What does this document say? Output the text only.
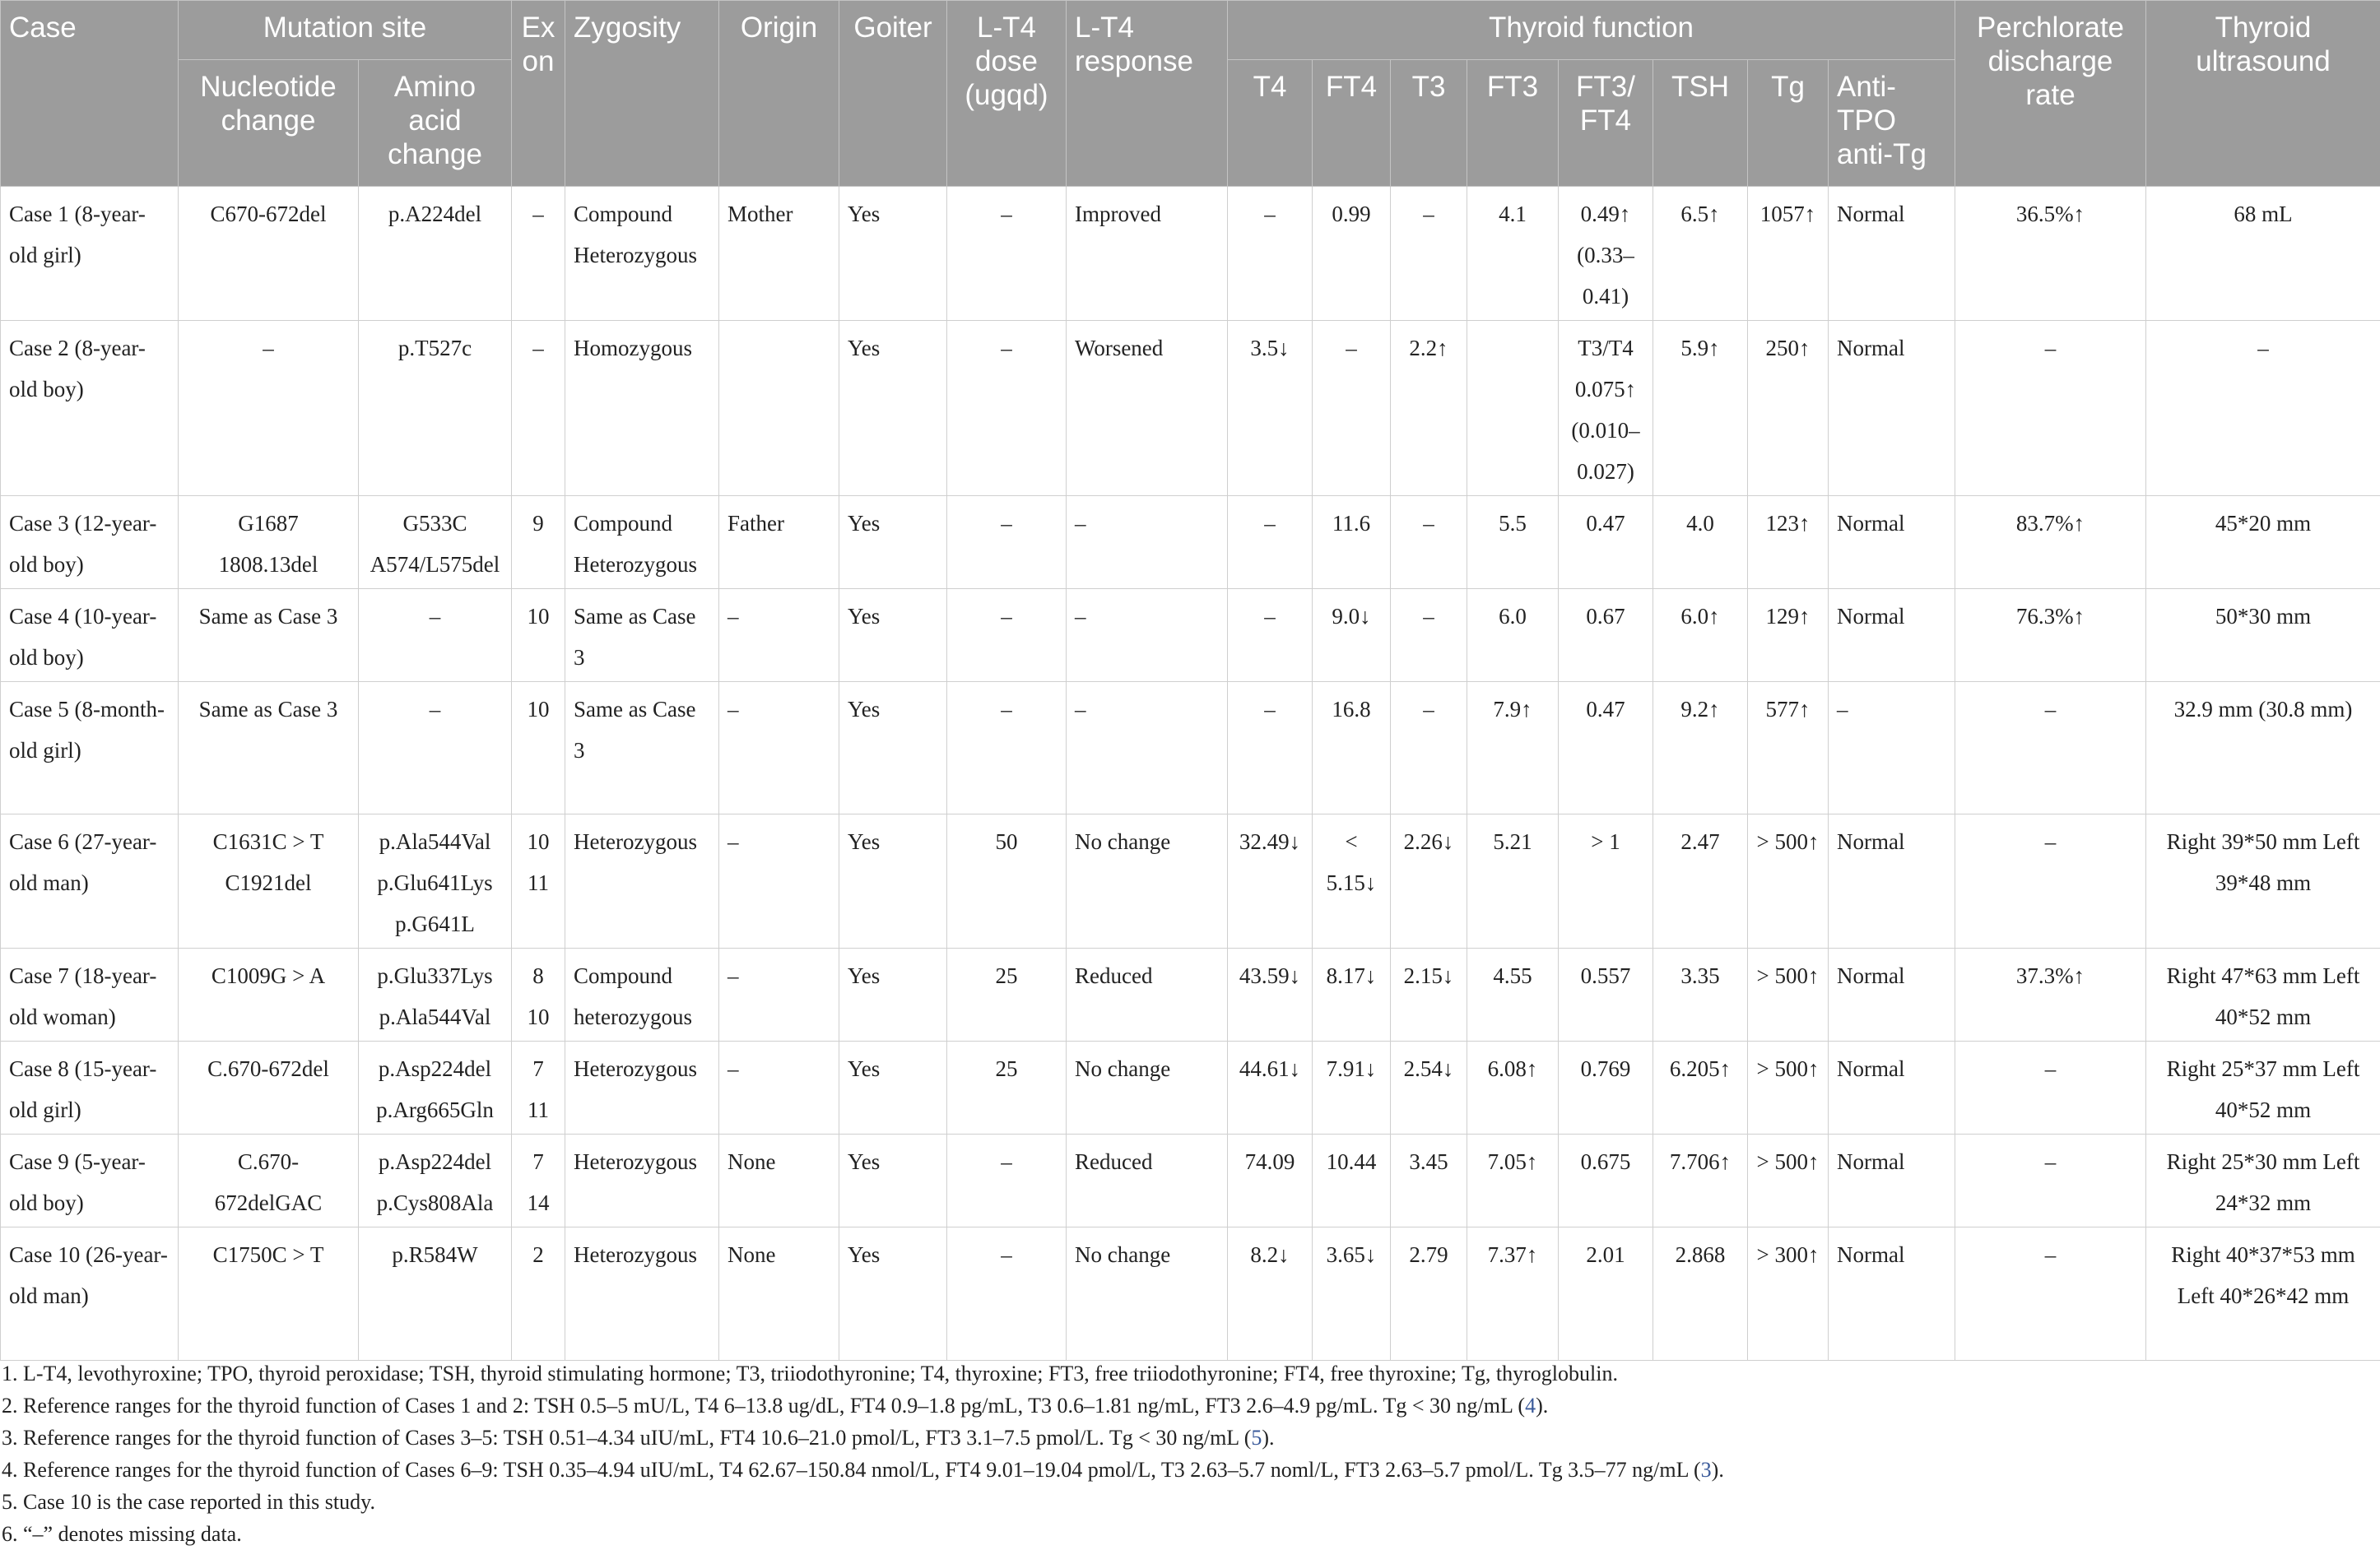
Case	Mutation site		Exon	Zygosity	Origin	Goiter	L-T4 dose (ugqd)	L-T4 response	Thyroid function								Perchlorate discharge rate	Thyroid ultrasound
	Nucleotide change	Amino acid change							T4	FT4	T3	FT3	FT3/ FT4	TSH	Tg	Anti-TPO anti-Tg		
Case 1 (8-year-old girl)	C670-672del	p.A224del	–	Compound Heterozygous	Mother	Yes	–	Improved	–	0.99	–	4.1	0.49↑ (0.33–0.41)	6.5↑	1057↑	Normal	36.5%↑	68 mL
Case 2 (8-year-old boy)	–	p.T527c	–	Homozygous		Yes	–	Worsened	3.5↓	–	2.2↑		T3/T4 0.075↑ (0.010–0.027)	5.9↑	250↑	Normal	–	–
Case 3 (12-year-old boy)	G1687 1808.13del	G533C A574/L575del	9	Compound Heterozygous	Father	Yes	–	–	–	11.6	–	5.5	0.47	4.0	123↑	Normal	83.7%↑	45*20 mm
Case 4 (10-year-old boy)	Same as Case 3	–	10	Same as Case 3	–	Yes	–	–	–	9.0↓	–	6.0	0.67	6.0↑	129↑	Normal	76.3%↑	50*30 mm
Case 5 (8-month-old girl)	Same as Case 3	–	10	Same as Case 3	–	Yes	–	–	–	16.8	–	7.9↑	0.47	9.2↑	577↑	–	–	32.9 mm (30.8 mm)
Case 6 (27-year-old man)	C1631C > T C1921del	p.Ala544Val p.Glu641Lys p.G641L	10 11	Heterozygous	–	Yes	50	No change	32.49↓	< 5.15↓	2.26↓	5.21	> 1	2.47	> 500↑	Normal	–	Right 39*50 mm Left 39*48 mm
Case 7 (18-year-old woman)	C1009G > A	p.Glu337Lys p.Ala544Val	8 10	Compound heterozygous	–	Yes	25	Reduced	43.59↓	8.17↓	2.15↓	4.55	0.557	3.35	> 500↑	Normal	37.3%↑	Right 47*63 mm Left 40*52 mm
Case 8 (15-year-old girl)	C.670-672del	p.Asp224del p.Arg665Gln	7 11	Heterozygous	–	Yes	25	No change	44.61↓	7.91↓	2.54↓	6.08↑	0.769	6.205↑	> 500↑	Normal	–	Right 25*37 mm Left 40*52 mm
Case 9 (5-year-old boy)	C.670-672delGAC	p.Asp224del p.Cys808Ala	7 14	Heterozygous	None	Yes	–	Reduced	74.09	10.44	3.45	7.05↑	0.675	7.706↑	> 500↑	Normal	–	Right 25*30 mm Left 24*32 mm
Case 10 (26-year-old man)	C1750C > T	p.R584W	2	Heterozygous	None	Yes	–	No change	8.2↓	3.65↓	2.79	7.37↑	2.01	2.868	> 300↑	Normal	–	Right 40*37*53 mm Left 40*26*42 mm
1. L-T4, levothyroxine; TPO, thyroid peroxidase; TSH, thyroid stimulating hormone; T3, triiodothyronine; T4, thyroxine; FT3, free triiodothyronine; FT4, free thyroxine; Tg, thyroglobulin.
2. Reference ranges for the thyroid function of Cases 1 and 2: TSH 0.5–5 mU/L, T4 6–13.8 ug/dL, FT4 0.9–1.8 pg/mL, T3 0.6–1.81 ng/mL, FT3 2.6–4.9 pg/mL. Tg < 30 ng/mL (4).
3. Reference ranges for the thyroid function of Cases 3–5: TSH 0.51–4.34 uIU/mL, FT4 10.6–21.0 pmol/L, FT3 3.1–7.5 pmol/L. Tg < 30 ng/mL (5).
4. Reference ranges for the thyroid function of Cases 6–9: TSH 0.35–4.94 uIU/mL, T4 62.67–150.84 nmol/L, FT4 9.01–19.04 pmol/L, T3 2.63–5.7 noml/L, FT3 2.63–5.7 pmol/L. Tg 3.5–77 ng/mL (3).
5. Case 10 is the case reported in this study.
6. “–” denotes missing data.
